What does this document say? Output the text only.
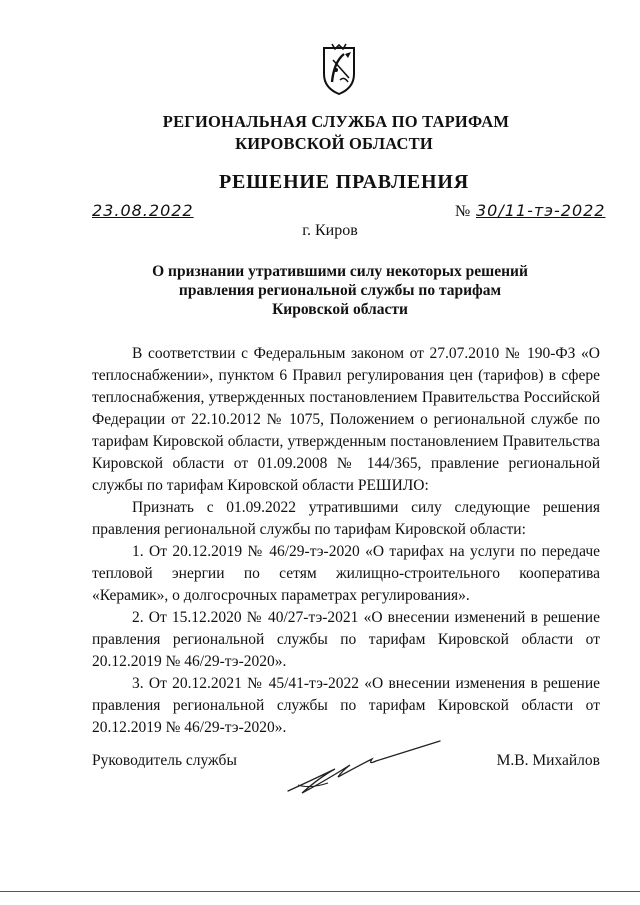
РЕГИОНАЛЬНАЯ СЛУЖБА ПО ТАРИФАМ
КИРОВСКОЙ ОБЛАСТИ
РЕШЕНИЕ ПРАВЛЕНИЯ
23.08.2022	№ 30/11-тэ-2022
г. Киров
О признании утратившими силу некоторых решений правления региональной службы по тарифам Кировской области

В соответствии с Федеральным законом от 27.07.2010 № 190-ФЗ «О теплоснабжении», пунктом 6 Правил регулирования цен (тарифов) в сфере теплоснабжения, утвержденных постановлением Правительства Российской Федерации от 22.10.2012 № 1075, Положением о региональной службе по тарифам Кировской области, утвержденным постановлением Правительства Кировской области от 01.09.2008 № 144/365, правление региональной службы по тарифам Кировской области РЕШИЛО:

Признать с 01.09.2022 утратившими силу следующие решения правления региональной службы по тарифам Кировской области:

1. От 20.12.2019 № 46/29-тэ-2020 «О тарифах на услуги по передаче тепловой энергии по сетям жилищно-строительного кооператива «Керамик», о долгосрочных параметрах регулирования».

2. От 15.12.2020 № 40/27-тэ-2021 «О внесении изменений в решение правления региональной службы по тарифам Кировской области от 20.12.2019 № 46/29-тэ-2020».

3. От 20.12.2021 № 45/41-тэ-2022 «О внесении изменения в решение правления региональной службы по тарифам Кировской области от 20.12.2019 № 46/29-тэ-2020».

Руководитель службы	М.В. Михайлов
